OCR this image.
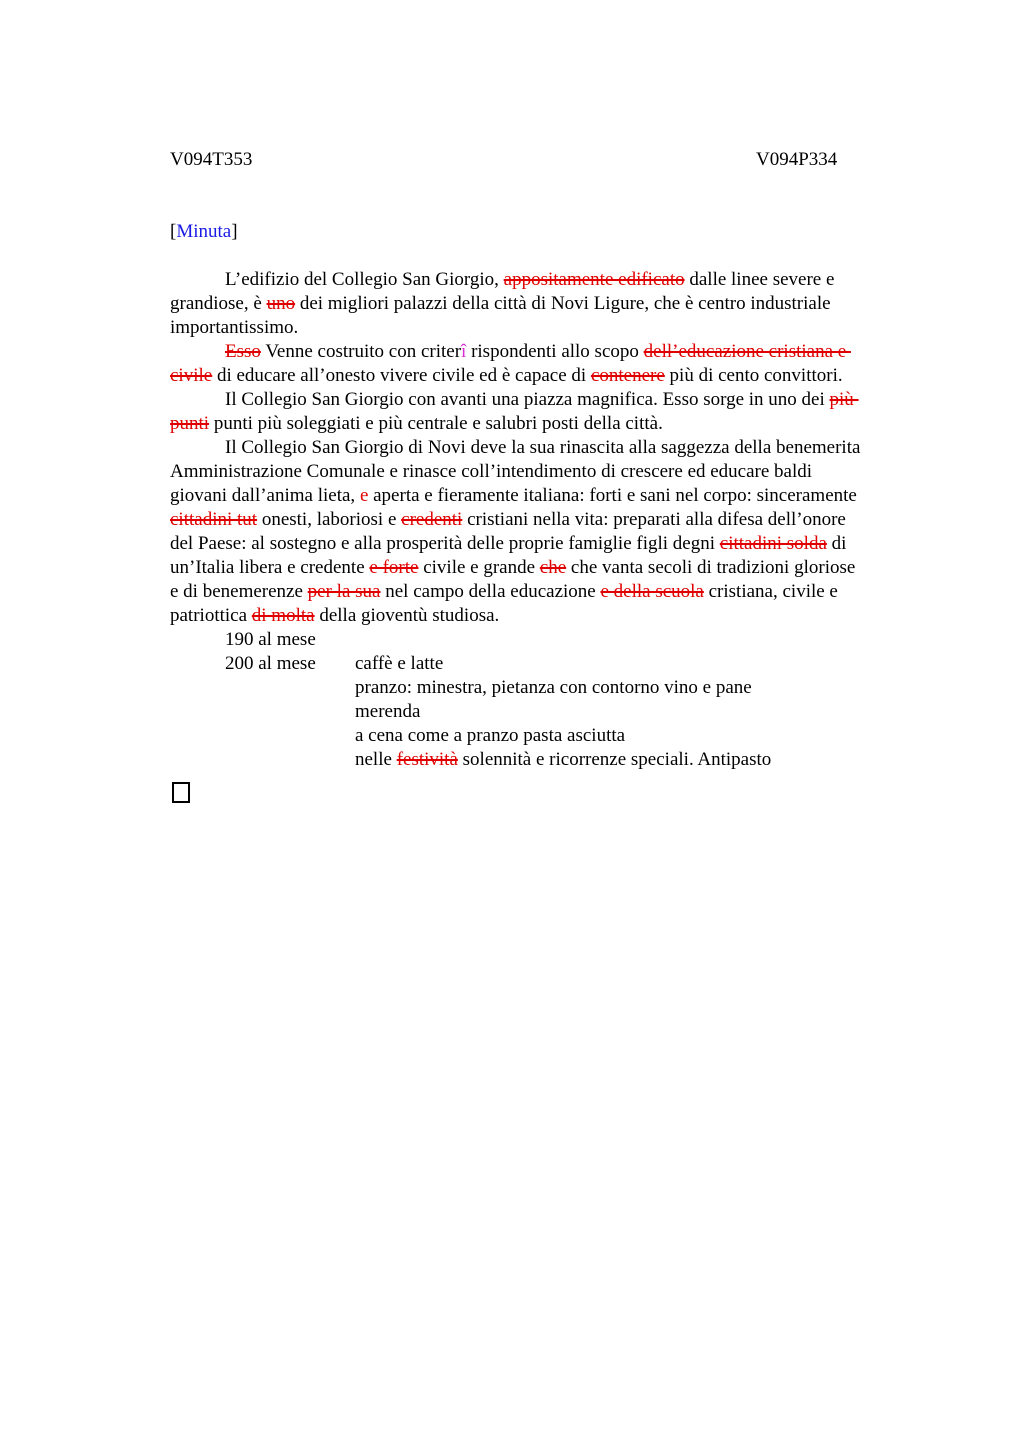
V094T353	V094P334
[Minuta]
L’edifizio del Collegio San Giorgio, appositamente edificato dalle linee severe e
grandiose, è uno dei migliori palazzi della città di Novi Ligure, che è centro industriale
importantissimo.
Esso Venne costruito con criterî rispondenti allo scopo dell’educazione cristiana e
civile di educare all’onesto vivere civile ed è capace di contenere più di cento convittori.
Il Collegio San Giorgio con avanti una piazza magnifica. Esso sorge in uno dei più
punti punti più soleggiati e più centrale e salubri posti della città.
Il Collegio San Giorgio di Novi deve la sua rinascita alla saggezza della benemerita
Amministrazione Comunale e rinasce coll’intendimento di crescere ed educare baldi
giovani dall’anima lieta, e aperta e fieramente italiana: forti e sani nel corpo: sinceramente
cittadini tut onesti, laboriosi e credenti cristiani nella vita: preparati alla difesa dell’onore
del Paese: al sostegno e alla prosperità delle proprie famiglie figli degni cittadini solda di
un’Italia libera e credente e forte civile e grande che che vanta secoli di tradizioni gloriose
e di benemerenze per la sua nel campo della educazione e della scuola cristiana, civile e
patriottica di molta della gioventù studiosa.
190 al mese
200 al mese caffè e latte
pranzo: minestra, pietanza con contorno vino e pane
merenda
a cena come a pranzo pasta asciutta
nelle festività solennità e ricorrenze speciali. Antipasto
